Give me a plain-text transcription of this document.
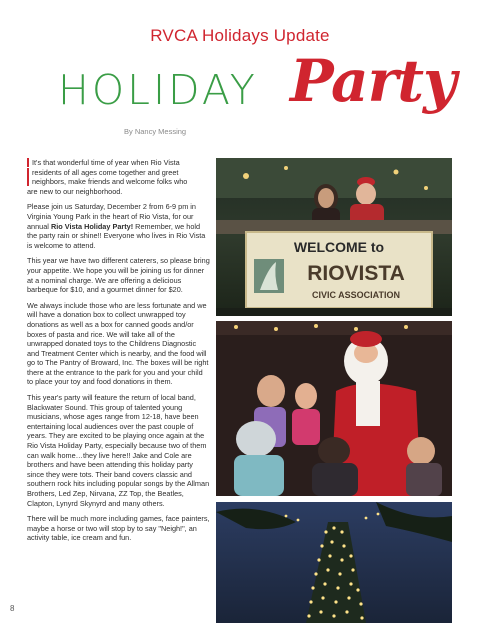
RVCA Holidays Update
HOLIDAY Party
By Nancy Messing

It's that wonderful time of year when Rio Vista
residents of all ages come together and greet
neighbors, make friends and welcome folks who
are new to our neighborhood.

Please join us Saturday, December 2 from 6-9 pm in Virginia Young Park in the heart of Rio Vista, for our annual Rio Vista Holiday Party! Remember, we hold the party rain or shine!! Everyone who lives in Rio Vista is welcome to attend.

This year we have two different caterers, so please bring your appetite. We hope you will be joining us for dinner at a nominal charge. We are offering a delicious barbeque for $10, and a gourmet dinner for $20.

We always include those who are less fortunate and we will have a donation box to collect unwrapped toy donations as well as a box for canned goods and/or boxes of pasta and rice. We will take all of the unwrapped donated toys to the Childrens Diagnostic and Treatment Center which is nearby, and the food will go to The Pantry of Broward, Inc. The boxes will be right there at the entrance to the park for you and your child to place your toy and food donations in them.

This year's party will feature the return of local band, Blackwater Sound. This group of talented young musicians, whose ages range from 12-18, have been entertaining local audiences over the past couple of years. They are excited to be playing once again at the Rio Vista Holiday Party, especially because two of them can walk home…they live here!! Jake and Cole are brothers and have been attending this holiday party since they were tots. Their band covers classic and southern rock hits including popular songs by the Allman Brothers, Led Zep, Nirvana, ZZ Top, the Beatles, Clapton, Lynyrd Skynyrd and many others.

There will be much more including games, face painters, maybe a horse or two will stop by to say "Neigh!", an activity table, ice cream and fun.

WELCOME to
RIOVISTA
CIVIC ASSOCIATION
8
